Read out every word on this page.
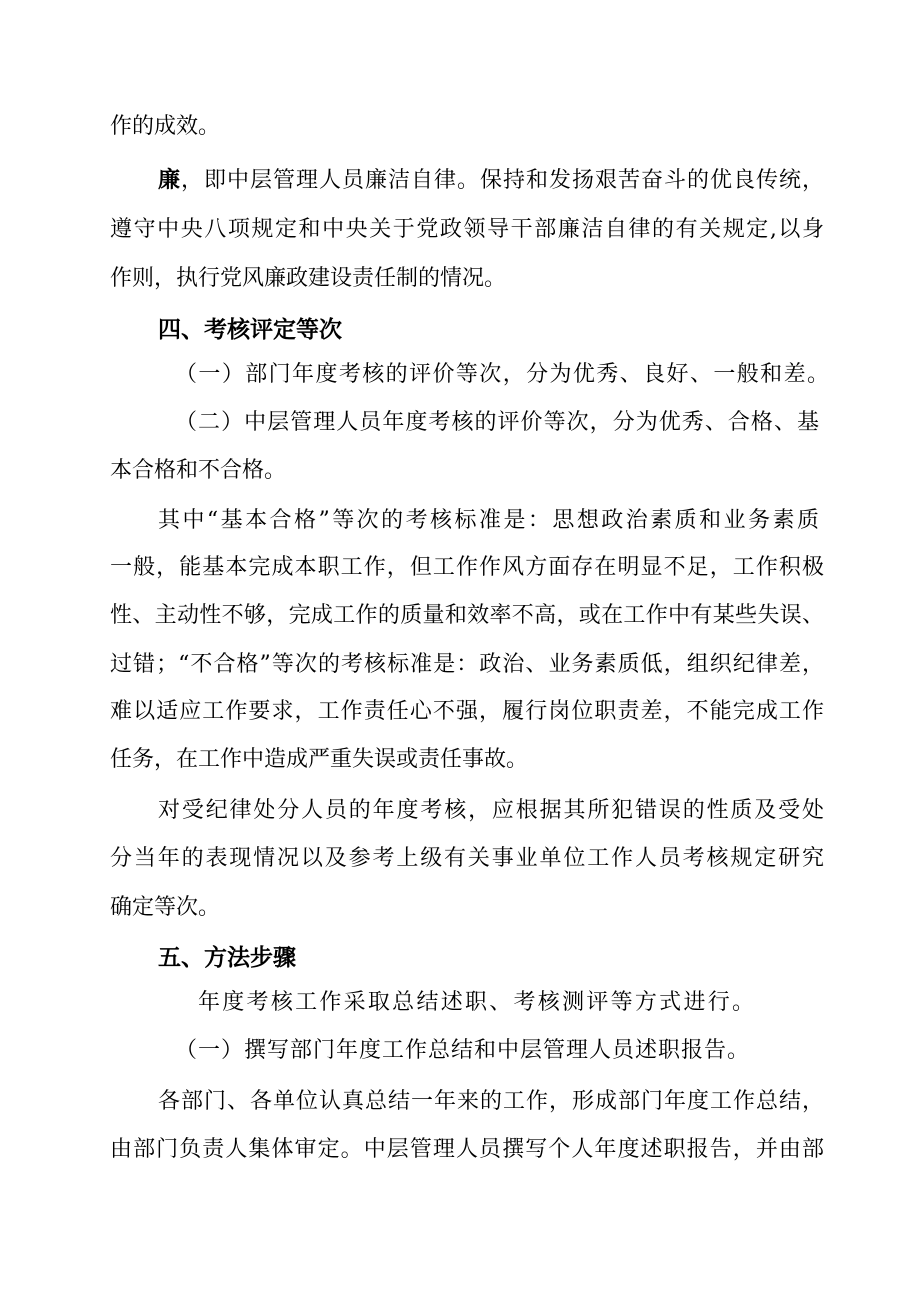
作的成效。
廉，即中层管理人员廉洁自律。保持和发扬艰苦奋斗的优良传统，
遵守中央八项规定和中央关于党政领导干部廉洁自律的有关规定,以身
作则，执行党风廉政建设责任制的情况。
四、考核评定等次
（一）部门年度考核的评价等次，分为优秀、良好、一般和差。
（二）中层管理人员年度考核的评价等次，分为优秀、合格、基
本合格和不合格。
其中“基本合格”等次的考核标准是：思想政治素质和业务素质
一般，能基本完成本职工作，但工作作风方面存在明显不足，工作积极
性、主动性不够，完成工作的质量和效率不高，或在工作中有某些失误、
过错；“不合格”等次的考核标准是：政治、业务素质低，组织纪律差，
难以适应工作要求，工作责任心不强，履行岗位职责差，不能完成工作
任务，在工作中造成严重失误或责任事故。
对受纪律处分人员的年度考核，应根据其所犯错误的性质及受处
分当年的表现情况以及参考上级有关事业单位工作人员考核规定研究
确定等次。
五、方法步骤
年度考核工作采取总结述职、考核测评等方式进行。
（一）撰写部门年度工作总结和中层管理人员述职报告。
各部门、各单位认真总结一年来的工作，形成部门年度工作总结，
由部门负责人集体审定。中层管理人员撰写个人年度述职报告，并由部
